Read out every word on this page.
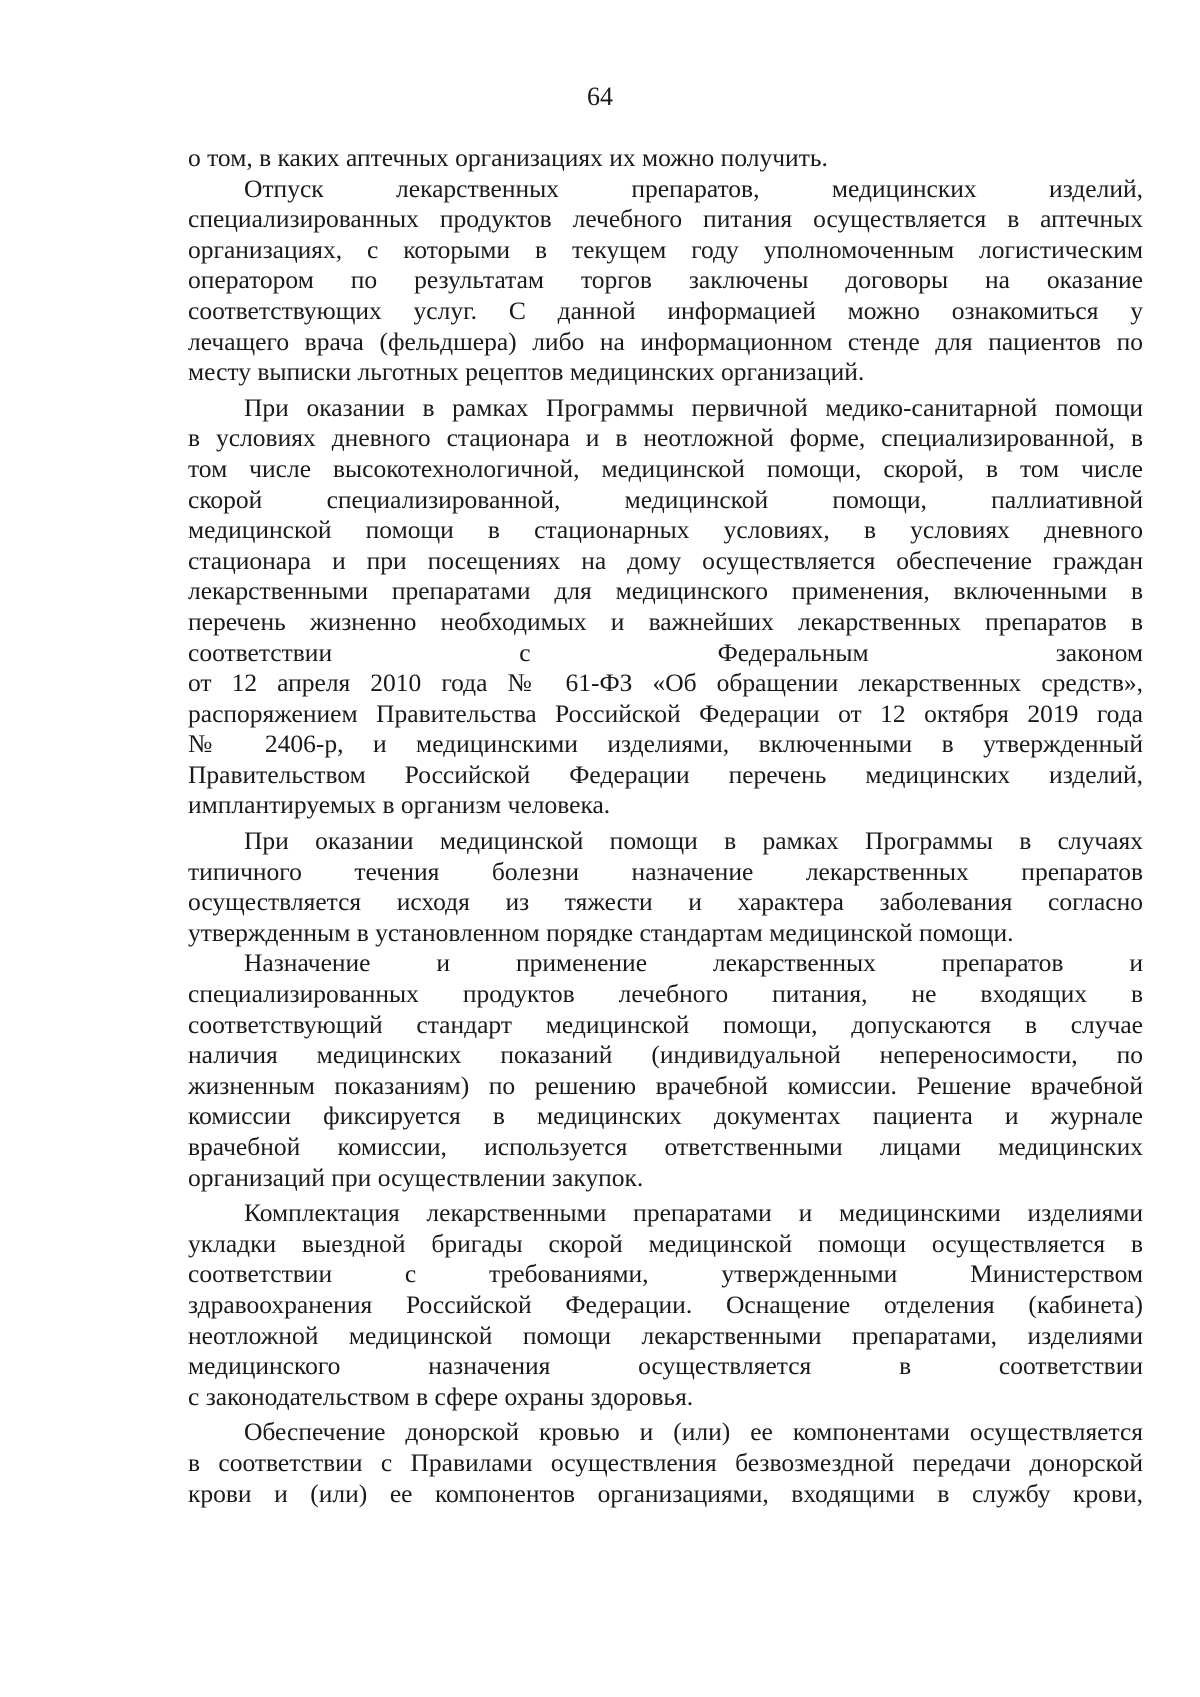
64
о том, в каких аптечных организациях их можно получить.
Отпуск лекарственных препаратов, медицинских изделий,
специализированных продуктов лечебного питания осуществляется в аптечных
организациях, с которыми в текущем году уполномоченным логистическим
оператором по результатам торгов заключены договоры на оказание
соответствующих услуг. С данной информацией можно ознакомиться у
лечащего врача (фельдшера) либо на информационном стенде для пациентов по
месту выписки льготных рецептов медицинских организаций.
При оказании в рамках Программы первичной медико-санитарной помощи
в условиях дневного стационара и в неотложной форме, специализированной, в
том числе высокотехнологичной, медицинской помощи, скорой, в том числе
скорой специализированной, медицинской помощи, паллиативной
медицинской помощи в стационарных условиях, в условиях дневного
стационара и при посещениях на дому осуществляется обеспечение граждан
лекарственными препаратами для медицинского применения, включенными в
перечень жизненно необходимых и важнейших лекарственных препаратов в
соответствии с Федеральным законом
от 12 апреля 2010 года № 61-ФЗ «Об обращении лекарственных средств»,
распоряжением Правительства Российской Федерации от 12 октября 2019 года
№ 2406-р, и медицинскими изделиями, включенными в утвержденный
Правительством Российской Федерации перечень медицинских изделий,
имплантируемых в организм человека.
При оказании медицинской помощи в рамках Программы в случаях
типичного течения болезни назначение лекарственных препаратов
осуществляется исходя из тяжести и характера заболевания согласно
утвержденным в установленном порядке стандартам медицинской помощи.
Назначение и применение лекарственных препаратов и
специализированных продуктов лечебного питания, не входящих в
соответствующий стандарт медицинской помощи, допускаются в случае
наличия медицинских показаний (индивидуальной непереносимости, по
жизненным показаниям) по решению врачебной комиссии. Решение врачебной
комиссии фиксируется в медицинских документах пациента и журнале
врачебной комиссии, используется ответственными лицами медицинских
организаций при осуществлении закупок.
Комплектация лекарственными препаратами и медицинскими изделиями
укладки выездной бригады скорой медицинской помощи осуществляется в
соответствии с требованиями, утвержденными Министерством
здравоохранения Российской Федерации. Оснащение отделения (кабинета)
неотложной медицинской помощи лекарственными препаратами, изделиями
медицинского назначения осуществляется в соответствии
с законодательством в сфере охраны здоровья.
Обеспечение донорской кровью и (или) ее компонентами осуществляется
в соответствии с Правилами осуществления безвозмездной передачи донорской
крови и (или) ее компонентов организациями, входящими в службу крови,
